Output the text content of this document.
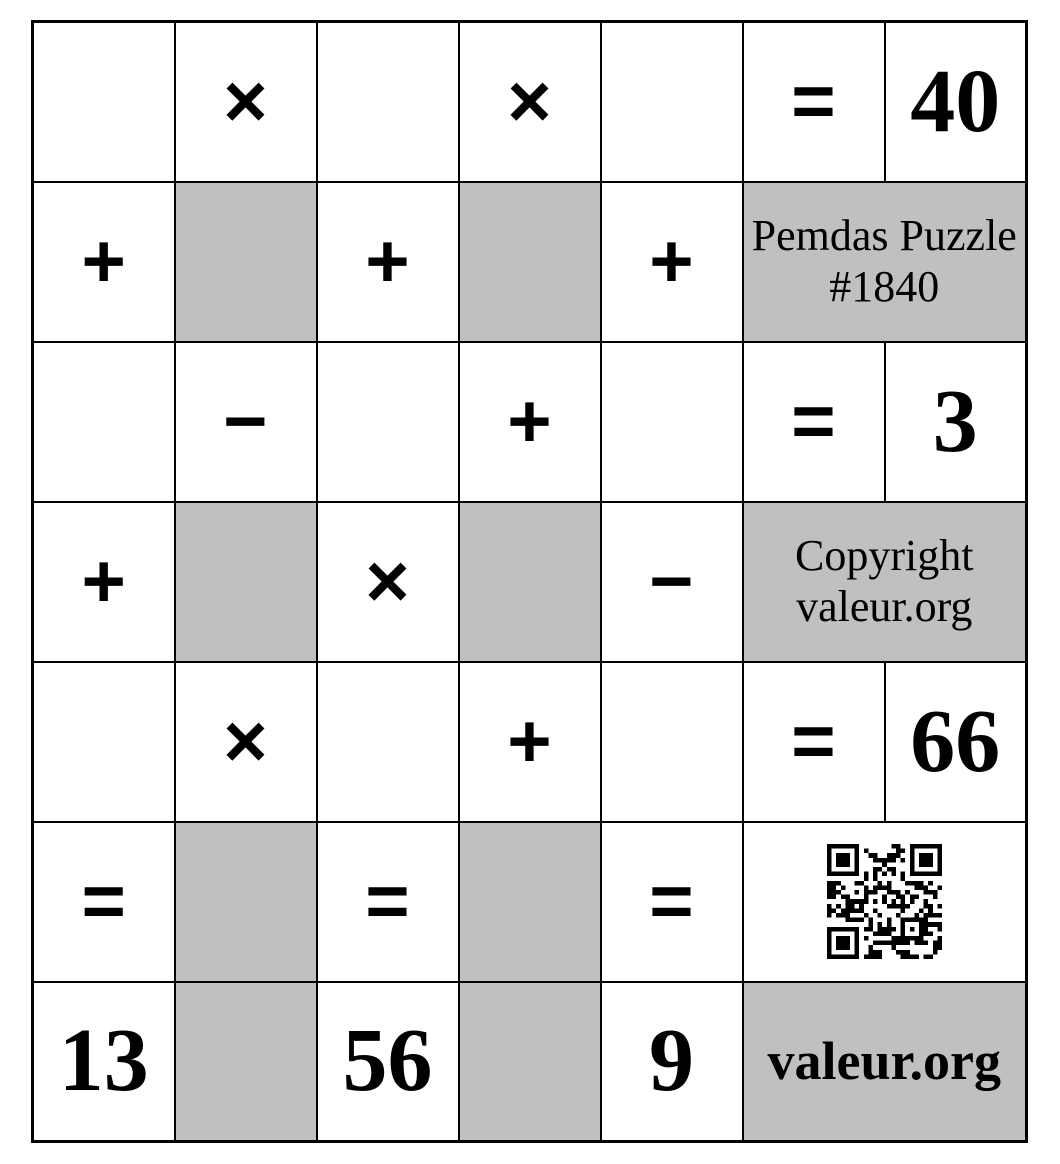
	×		×		=	40
+		+		+	Pemdas Puzzle
#1840	

	−		+		=	3
+		×		−	Copyright
valeur.org	

	×		+		=	66
=		=		=	

13		56		9	valeur.org	
